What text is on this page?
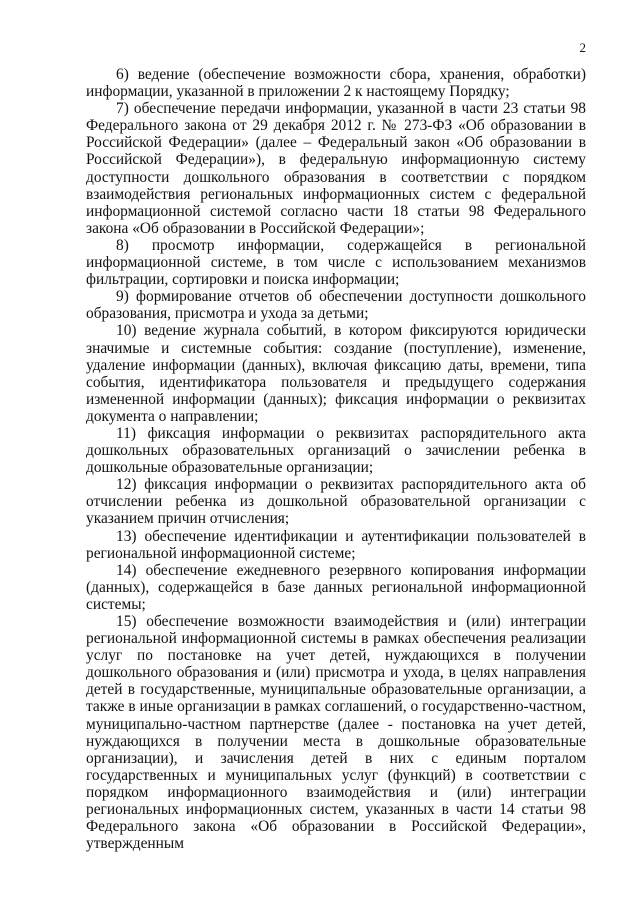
2

6) ведение (обеспечение возможности сбора, хранения, обработки) информации, указанной в приложении 2 к настоящему Порядку;

7) обеспечение передачи информации, указанной в части 23 статьи 98 Федерального закона от 29 декабря 2012 г. № 273-ФЗ «Об образовании в Российской Федерации» (далее – Федеральный закон «Об образовании в Российской Федерации»), в федеральную информационную систему доступности дошкольного образования в соответствии с порядком взаимодействия региональных информационных систем с федеральной информационной системой согласно части 18 статьи 98 Федерального закона «Об образовании в Российской Федерации»;

8) просмотр информации, содержащейся в региональной информационной системе, в том числе с использованием механизмов фильтрации, сортировки и поиска информации;

9) формирование отчетов об обеспечении доступности дошкольного образования, присмотра и ухода за детьми;

10) ведение журнала событий, в котором фиксируются юридически значимые и системные события: создание (поступление), изменение, удаление информации (данных), включая фиксацию даты, времени, типа события, идентификатора пользователя и предыдущего содержания измененной информации (данных); фиксация информации о реквизитах документа о направлении;

11) фиксация информации о реквизитах распорядительного акта дошкольных образовательных организаций о зачислении ребенка в дошкольные образовательные организации;

12) фиксация информации о реквизитах распорядительного акта об отчислении ребенка из дошкольной образовательной организации с указанием причин отчисления;

13) обеспечение идентификации и аутентификации пользователей в региональной информационной системе;

14) обеспечение ежедневного резервного копирования информации (данных), содержащейся в базе данных региональной информационной системы;

15) обеспечение возможности взаимодействия и (или) интеграции региональной информационной системы в рамках обеспечения реализации услуг по постановке на учет детей, нуждающихся в получении дошкольного образования и (или) присмотра и ухода, в целях направления детей в государственные, муниципальные образовательные организации, а также в иные организации в рамках соглашений, о государственно-частном, муниципально-частном партнерстве (далее - постановка на учет детей, нуждающихся в получении места в дошкольные образовательные организации), и зачисления детей в них с единым порталом государственных и муниципальных услуг (функций) в соответствии с порядком информационного взаимодействия и (или) интеграции региональных информационных систем, указанных в части 14 статьи 98 Федерального закона «Об образовании в Российской Федерации», утвержденным
